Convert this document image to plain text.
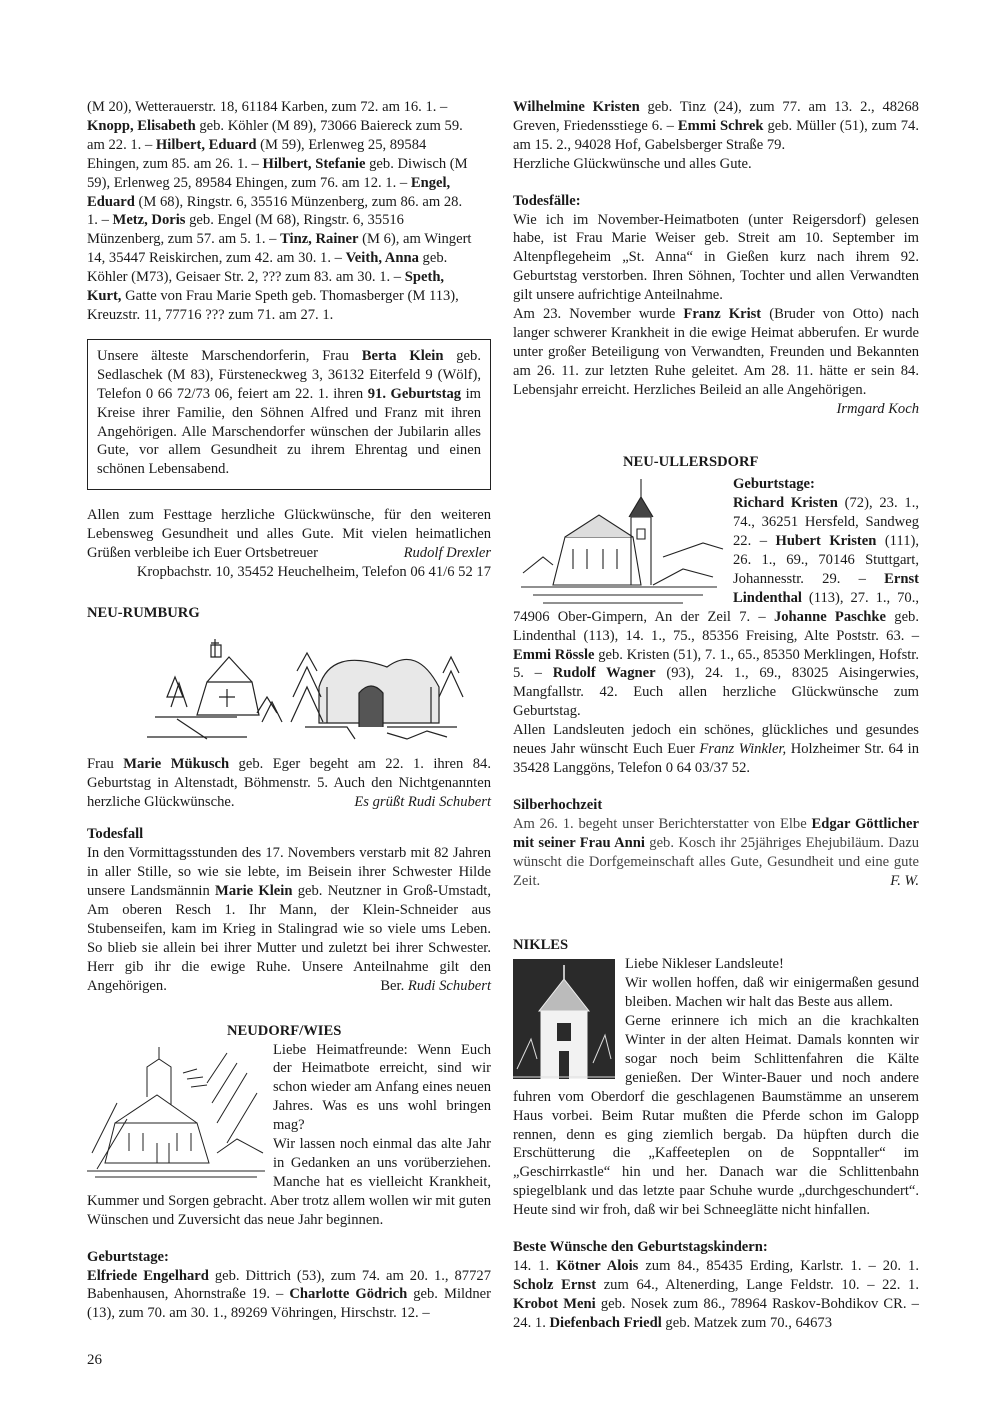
(M 20), Wetterauerstr. 18, 61184 Karben, zum 72. am 16. 1. –
Knopp, Elisabeth geb. Köhler (M 89), 73066 Baiereck zum 59.
am 22. 1. – Hilbert, Eduard (M 59), Erlenweg 25, 89584
Ehingen, zum 85. am 26. 1. – Hilbert, Stefanie geb. Diwisch (M
59), Erlenweg 25, 89584 Ehingen, zum 76. am 12. 1. – Engel,
Eduard (M 68), Ringstr. 6, 35516 Münzenberg, zum 86. am 28.
1. – Metz, Doris geb. Engel (M 68), Ringstr. 6, 35516
Münzenberg, zum 57. am 5. 1. – Tinz, Rainer (M 6), am Wingert
14, 35447 Reiskirchen, zum 42. am 30. 1. – Veith, Anna geb.
Köhler (M73), Geisaer Str. 2, ??? zum 83. am 30. 1. – Speth,
Kurt, Gatte von Frau Marie Speth geb. Thomasberger (M 113),
Kreuzstr. 11, 77716 ??? zum 71. am 27. 1.

Unsere älteste Marschendorferin, Frau Berta Klein geb. Sedlaschek (M 83), Fürsteneckweg 3, 36132 Eiterfeld 9 (Wölf), Telefon 0 66 72/73 06, feiert am 22. 1. ihren 91. Geburtstag im Kreise ihrer Familie, den Söhnen Alfred und Franz mit ihren Angehörigen. Alle Marschendorfer wünschen der Jubilarin alles Gute, vor allem Gesundheit zu ihrem Ehrentag und einen schönen Lebensabend.

Allen zum Festtage herzliche Glückwünsche, für den weiteren Lebensweg Gesundheit und alles Gute. Mit vielen heimatlichen Grüßen verbleibe ich Euer Ortsbetreuer	Rudolf Drexler

Kropbachstr. 10, 35452 Heuchelheim, Telefon 06 41/6 52 17

NEU-RUMBURG

Frau Marie Mükusch geb. Eger begeht am 22. 1. ihren 84. Geburtstag in Altenstadt, Böhmenstr. 5. Auch den Nichtgenannten herzliche Glückwünsche.	Es grüßt Rudi Schubert

Todesfall

In den Vormittagsstunden des 17. Novembers verstarb mit 82 Jahren in aller Stille, so wie sie lebte, im Beisein ihrer Schwester Hilde unsere Landsmännin Marie Klein geb. Neutzner in Groß-Umstadt, Am oberen Resch 1. Ihr Mann, der Klein-Schneider aus Stubenseifen, kam im Krieg in Stalingrad wie so viele ums Leben. So blieb sie allein bei ihrer Mutter und zuletzt bei ihrer Schwester. Herr gib ihr die ewige Ruhe. Unsere Anteilnahme gilt den Angehörigen.	Ber. Rudi Schubert

NEUDORF/WIES

Liebe Heimatfreunde: Wenn Euch der Heimatbote erreicht, sind wir schon wieder am Anfang eines neuen Jahres. Was es uns wohl bringen mag?

Wir lassen noch einmal das alte Jahr in Gedanken an uns vorüberziehen. Manche hat es vielleicht Krankheit, Kummer und Sorgen gebracht. Aber trotz allem wollen wir mit guten Wünschen und Zuversicht das neue Jahr beginnen.

Geburtstage:

Elfriede Engelhard geb. Dittrich (53), zum 74. am 20. 1., 87727 Babenhausen, Ahornstraße 19. – Charlotte Gödrich geb. Mildner (13), zum 70. am 30. 1., 89269 Vöhringen, Hirschstr. 12. –

Wilhelmine Kristen geb. Tinz (24), zum 77. am 13. 2., 48268 Greven, Friedensstiege 6. – Emmi Schrek geb. Müller (51), zum 74. am 15. 2., 94028 Hof, Gabelsberger Straße 79.

Herzliche Glückwünsche und alles Gute.

Todesfälle:

Wie ich im November-Heimatboten (unter Reigersdorf) gelesen habe, ist Frau Marie Weiser geb. Streit am 10. September im Altenpflegeheim „St. Anna“ in Gießen kurz nach ihrem 92. Geburtstag verstorben. Ihren Söhnen, Tochter und allen Verwandten gilt unsere aufrichtige Anteilnahme.

Am 23. November wurde Franz Krist (Bruder von Otto) nach langer schwerer Krankheit in die ewige Heimat abberufen. Er wurde unter großer Beteiligung von Verwandten, Freunden und Bekannten am 26. 11. zur letzten Ruhe geleitet. Am 28. 11. hätte er sein 84. Lebensjahr erreicht. Herzliches Beileid an alle Angehörigen.
Irmgard Koch

NEU-ULLERSDORF

Geburtstage:

Richard Kristen (72), 23. 1., 74., 36251 Hersfeld, Sandweg 22. – Hubert Kristen (111), 26. 1., 69., 70146 Stuttgart, Johannesstr. 29. – Ernst Lindenthal (113), 27. 1., 70., 74906 Ober-Gimpern, An der Zeil 7. – Johanne Paschke geb. Lindenthal (113), 14. 1., 75., 85356 Freising, Alte Poststr. 63. – Emmi Rössle geb. Kristen (51), 7. 1., 65., 85350 Merklingen, Hofstr. 5. – Rudolf Wagner (93), 24. 1., 69., 83025 Aisingerwies, Mangfallstr. 42. Euch allen herzliche Glückwünsche zum Geburtstag.

Allen Landsleuten jedoch ein schönes, glückliches und gesundes neues Jahr wünscht Euch Euer Franz Winkler, Holzheimer Str. 64 in 35428 Langgöns, Telefon 0 64 03/37 52.

Silberhochzeit

Am 26. 1. begeht unser Berichterstatter von Elbe Edgar Göttlicher mit seiner Frau Anni geb. Kosch ihr 25jähriges Ehejubiläum. Dazu wünscht die Dorfgemeinschaft alles Gute, Gesundheit und eine gute Zeit.	F. W.

NIKLES

Liebe Nikleser Landsleute!

Wir wollen hoffen, daß wir einigermaßen gesund bleiben. Machen wir halt das Beste aus allem.

Gerne erinnere ich mich an die krachkalten Winter in der alten Heimat. Damals konnten wir sogar noch beim Schlittenfahren die Kälte genießen. Der Winter-Bauer und noch andere fuhren vom Oberdorf die geschlagenen Baumstämme an unserem Haus vorbei. Beim Rutar mußten die Pferde schon im Galopp rennen, denn es ging ziemlich bergab. Da hüpften durch die Erschütterung die „Kaffeeteplen on de Soppntaller“ im „Geschirrkastle“ hin und her. Danach war die Schlittenbahn spiegelblank und das letzte paar Schuhe wurde „durchgeschundert“. Heute sind wir froh, daß wir bei Schneeglätte nicht hinfallen.

Beste Wünsche den Geburtstagskindern:

14. 1. Kötner Alois zum 84., 85435 Erding, Karlstr. 1. – 20. 1. Scholz Ernst zum 64., Altenerding, Lange Feldstr. 10. – 22. 1. Krobot Meni geb. Nosek zum 86., 78964 Raskov-Bohdikov CR. – 24. 1. Diefenbach Friedl geb. Matzek zum 70., 64673

26
